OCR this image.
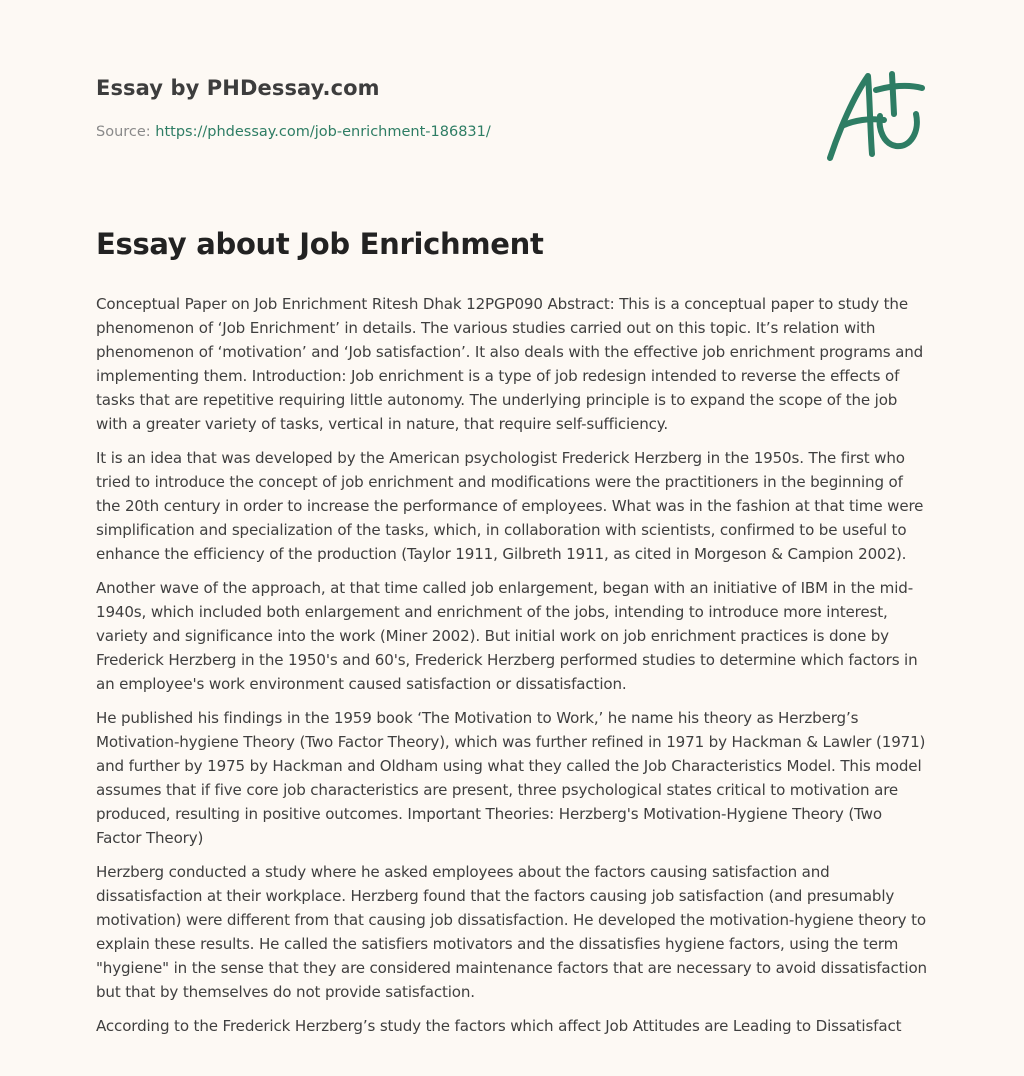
Essay by PHDessay.com
Source: https://phdessay.com/job-enrichment-186831/
Essay about Job Enrichment

Conceptual Paper on Job Enrichment Ritesh Dhak 12PGP090 Abstract: This is a conceptual paper to study the phenomenon of ‘Job Enrichment’ in details. The various studies carried out on this topic. It’s relation with phenomenon of ‘motivation’ and ‘Job satisfaction’. It also deals with the effective job enrichment programs and implementing them. Introduction: Job enrichment is a type of job redesign intended to reverse the effects of tasks that are repetitive requiring little autonomy. The underlying principle is to expand the scope of the job with a greater variety of tasks, vertical in nature, that require self-sufficiency.

It is an idea that was developed by the American psychologist Frederick Herzberg in the 1950s. The first who tried to introduce the concept of job enrichment and modifications were the practitioners in the beginning of the 20th century in order to increase the performance of employees. What was in the fashion at that time were simplification and specialization of the tasks, which, in collaboration with scientists, confirmed to be useful to enhance the efficiency of the production (Taylor 1911, Gilbreth 1911, as cited in Morgeson & Campion 2002).

Another wave of the approach, at that time called job enlargement, began with an initiative of IBM in the mid-1940s, which included both enlargement and enrichment of the jobs, intending to introduce more interest, variety and significance into the work (Miner 2002). But initial work on job enrichment practices is done by Frederick Herzberg in the 1950's and 60's, Frederick Herzberg performed studies to determine which factors in an employee's work environment caused satisfaction or dissatisfaction.

He published his findings in the 1959 book ‘The Motivation to Work,’ he name his theory as Herzberg’s Motivation-hygiene Theory (Two Factor Theory), which was further refined in 1971 by Hackman & Lawler (1971) and further by 1975 by Hackman and Oldham using what they called the Job Characteristics Model. This model assumes that if five core job characteristics are present, three psychological states critical to motivation are produced, resulting in positive outcomes. Important Theories: Herzberg's Motivation-Hygiene Theory (Two Factor Theory)

Herzberg conducted a study where he asked employees about the factors causing satisfaction and dissatisfaction at their workplace. Herzberg found that the factors causing job satisfaction (and presumably motivation) were different from that causing job dissatisfaction. He developed the motivation-hygiene theory to explain these results. He called the satisfiers motivators and the dissatisfies hygiene factors, using the term "hygiene" in the sense that they are considered maintenance factors that are necessary to avoid dissatisfaction but that by themselves do not provide satisfaction.

According to the Frederick Herzberg’s study the factors which affect Job Attitudes are Leading to Dissatisfact
